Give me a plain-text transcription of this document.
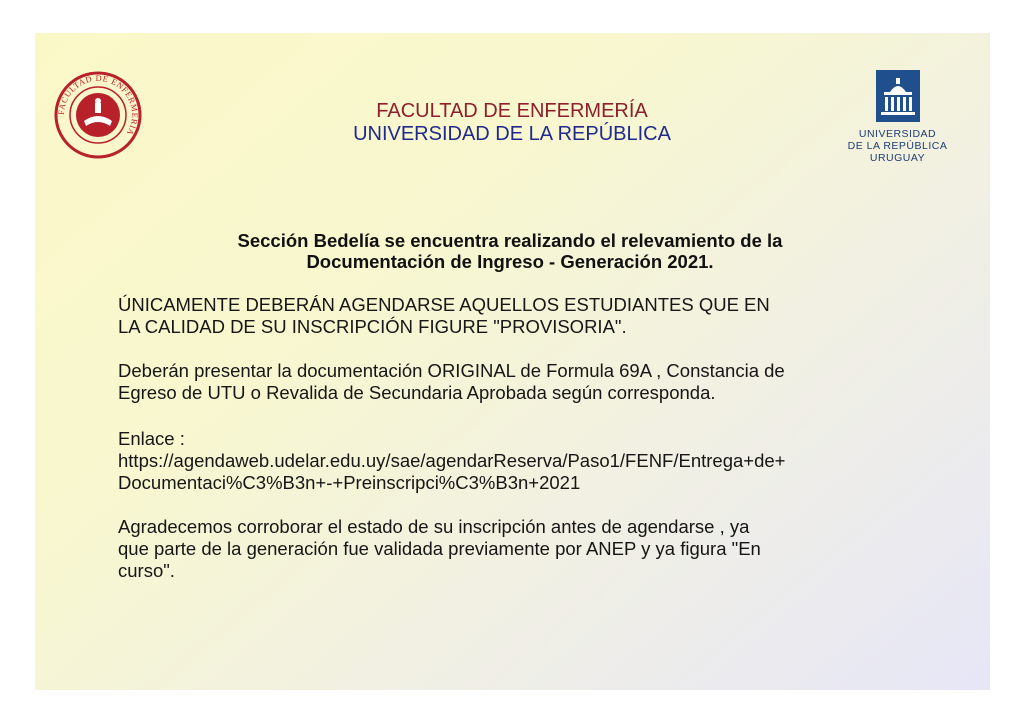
FACULTAD DE ENFERMERIA
FACULTAD DE ENFERMERÍA
UNIVERSIDAD DE LA REPÚBLICA	UNIVERSIDAD
DE LA REPÚBLICA
URUGUAY
Sección Bedelía se encuentra realizando el relevamiento de la
Documentación de Ingreso - Generación 2021.
ÚNICAMENTE DEBERÁN AGENDARSE AQUELLOS ESTUDIANTES QUE EN
LA CALIDAD DE SU INSCRIPCIÓN FIGURE "PROVISORIA".
Deberán presentar la documentación ORIGINAL de Formula 69A , Constancia de
Egreso de UTU o Revalida de Secundaria Aprobada según corresponda.
Enlace :
https://agendaweb.udelar.edu.uy/sae/agendarReserva/Paso1/FENF/Entrega+de+
Documentaci%C3%B3n+-+Preinscripci%C3%B3n+2021
Agradecemos corroborar el estado de su inscripción antes de agendarse , ya
que parte de la generación fue validada previamente por ANEP y ya figura "En
curso".
